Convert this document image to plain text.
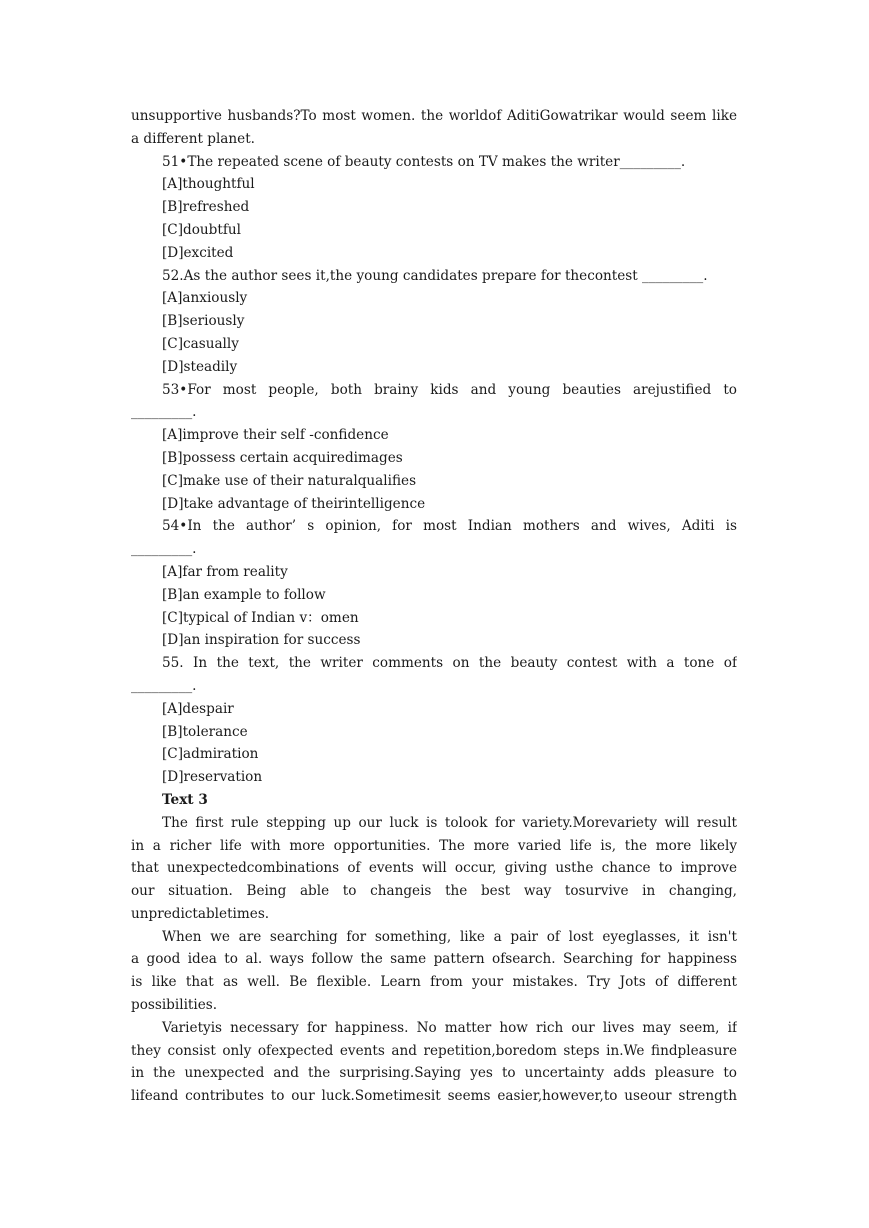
unsupportive husbands?To most women. the worldof AditiGowatrikar would seem like
a different planet.
51•The repeated scene of beauty contests on TV makes the writer_________.
[A]thoughtful
[B]refreshed
[C]doubtful
[D]excited
52.As the author sees it,the young candidates prepare for thecontest _________.
[A]anxiously
[B]seriously
[C]casually
[D]steadily
53•For most people, both brainy kids and young beauties arejustified to
_________.
[A]improve their self -confidence
[B]possess certain acquiredimages
[C]make use of their naturalqualifies
[D]take advantage of theirintelligence
54•In the author’ s opinion, for most Indian mothers and wives, Aditi is
_________.
[A]far from reality
[B]an example to follow
[C]typical of Indian v：omen
[D]an inspiration for success
55. In the text, the writer comments on the beauty contest with a tone of
_________.
[A]despair
[B]tolerance
[C]admiration
[D]reservation
Text 3
The first rule stepping up our luck is tolook for variety.Morevariety will result
in a richer life with more opportunities. The more varied life is, the more likely
that unexpectedcombinations of events will occur, giving usthe chance to improve
our situation. Being able to changeis the best way tosurvive in changing,
unpredictabletimes.
When we are searching for something, like a pair of lost eyeglasses, it isn't
a good idea to al. ways follow the same pattern ofsearch. Searching for happiness
is like that as well. Be flexible. Learn from your mistakes. Try Jots of different
possibilities.
Varietyis necessary for happiness. No matter how rich our lives may seem, if
they consist only ofexpected events and repetition,boredom steps in.We findpleasure
in the unexpected and the surprising.Saying yes to uncertainty adds pleasure to
lifeand contributes to our luck.Sometimesit seems easier,however,to useour strength
